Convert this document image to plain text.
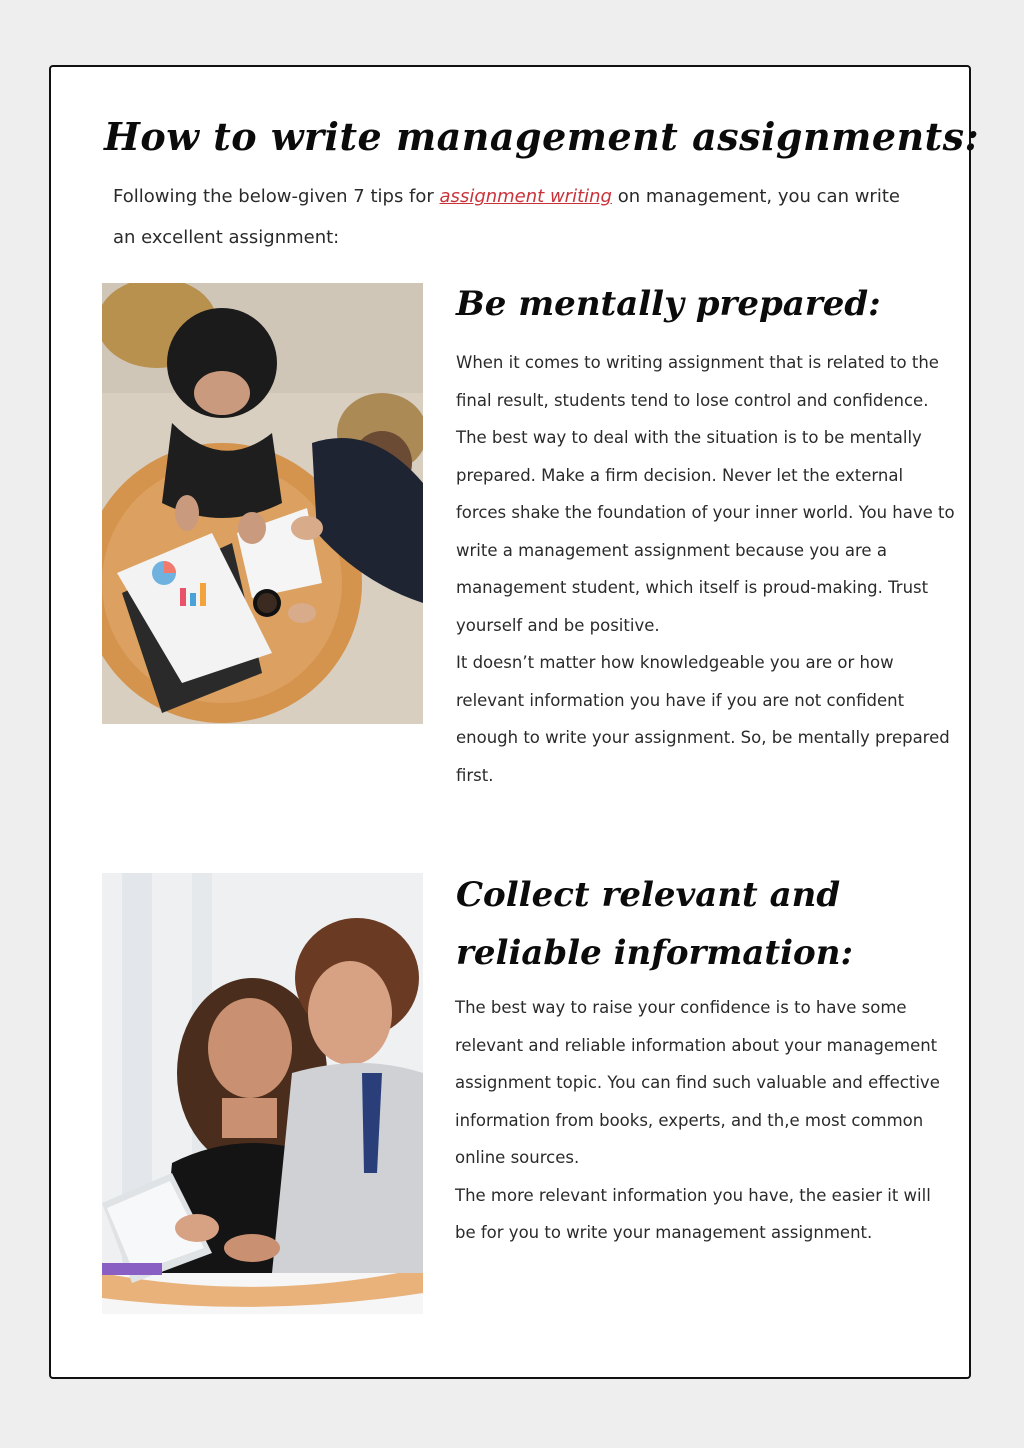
How to write management assignments:

Following the below-given 7 tips for assignment writing on management, you can write an excellent assignment:

Be mentally prepared:
When it comes to writing assignment that is related to the final result, students tend to lose control and confidence. The best way to deal with the situation is to be mentally prepared. Make a firm decision. Never let the external forces shake the foundation of your inner world. You have to write a management assignment because you are a management student, which itself is proud-making. Trust yourself and be positive.
It doesn’t matter how knowledgeable you are or how relevant information you have if you are not confident enough to write your assignment. So, be mentally prepared first.
Collect relevant and reliable information:
The best way to raise your confidence is to have some relevant and reliable information about your management assignment topic. You can find such valuable and effective information from books, experts, and th,e most common online sources.
The more relevant information you have, the easier it will be for you to write your management assignment.
